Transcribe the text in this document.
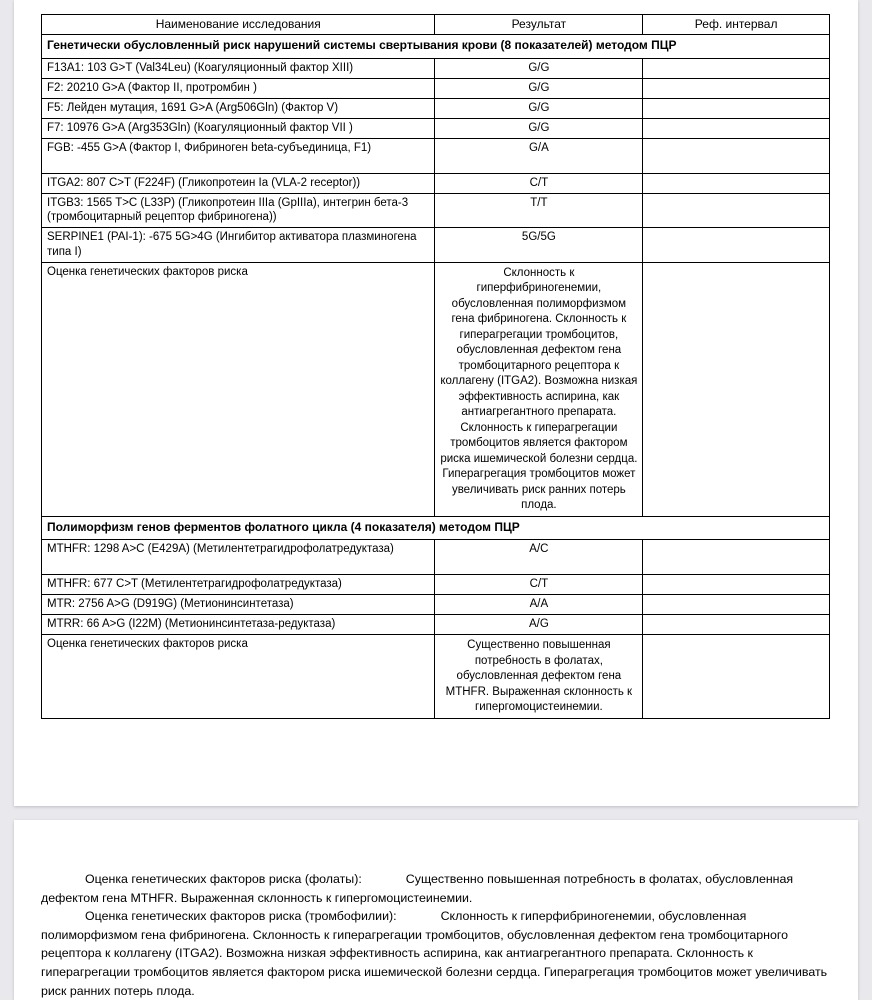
Наименование исследования	Результат	Реф. интервал
Генетически обусловленный риск нарушений системы свертывания крови (8 показателей) методом ПЦР		
F13A1: 103 G>T (Val34Leu) (Коагуляционный фактор XIII)	G/G	
F2: 20210 G>A (Фактор II, протромбин )	G/G	
F5: Лейден мутация, 1691 G>A (Arg506Gln) (Фактор V)	G/G	
F7: 10976 G>A (Arg353Gln) (Коагуляционный фактор VII )	G/G	
FGB: -455 G>A (Фактор I, Фибриноген beta-субъединица, F1)	G/A	
ITGA2: 807 C>T (F224F) (Гликопротеин Ia (VLA-2 receptor))	C/T	
ITGB3: 1565 T>C (L33P) (Гликопротеин IIIa (GpIIIa), интегрин бета-3 (тромбоцитарный рецептор фибриногена))	T/T	
SERPINE1 (PAI-1): -675 5G>4G (Ингибитор активатора плазминогена типа I)	5G/5G	
Оценка генетических факторов риска	Склонность к гиперфибриногенемии, обусловленная полиморфизмом гена фибриногена. Склонность к гиперагрегации тромбоцитов, обусловленная дефектом гена тромбоцитарного рецептора к коллагену (ITGA2). Возможна низкая эффективность аспирина, как антиагрегантного препарата. Склонность к гиперагрегации тромбоцитов является фактором риска ишемической болезни сердца. Гиперагрегация тромбоцитов может увеличивать риск ранних потерь плода.	
Полиморфизм генов ферментов фолатного цикла (4 показателя) методом ПЦР		
MTHFR: 1298 A>C (E429A) (Метилентетрагидрофолатредуктаза)	A/C	
MTHFR: 677 C>T (Метилентетрагидрофолатредуктаза)	C/T	
MTR: 2756 A>G (D919G) (Метионинсинтетаза)	A/A	
MTRR: 66 A>G (I22M) (Метионинсинтетаза-редуктаза)	A/G	
Оценка генетических факторов риска	Существенно повышенная потребность в фолатах, обусловленная дефектом гена MTHFR. Выраженная склонность к гипергомоцистеинемии.	

Оценка генетических факторов риска (фолаты):	Существенно повышенная потребность в фолатах, обусловленная дефектом гена MTHFR. Выраженная склонность к гипергомоцистеинемии.

Оценка генетических факторов риска (тромбофилии):	Склонность к гиперфибриногенемии, обусловленная полиморфизмом гена фибриногена. Склонность к гиперагрегации тромбоцитов, обусловленная дефектом гена тромбоцитарного рецептора к коллагену (ITGA2). Возможна низкая эффективность аспирина, как антиагрегантного препарата. Склонность к гиперагрегации тромбоцитов является фактором риска ишемической болезни сердца. Гиперагрегация тромбоцитов может увеличивать риск ранних потерь плода.
